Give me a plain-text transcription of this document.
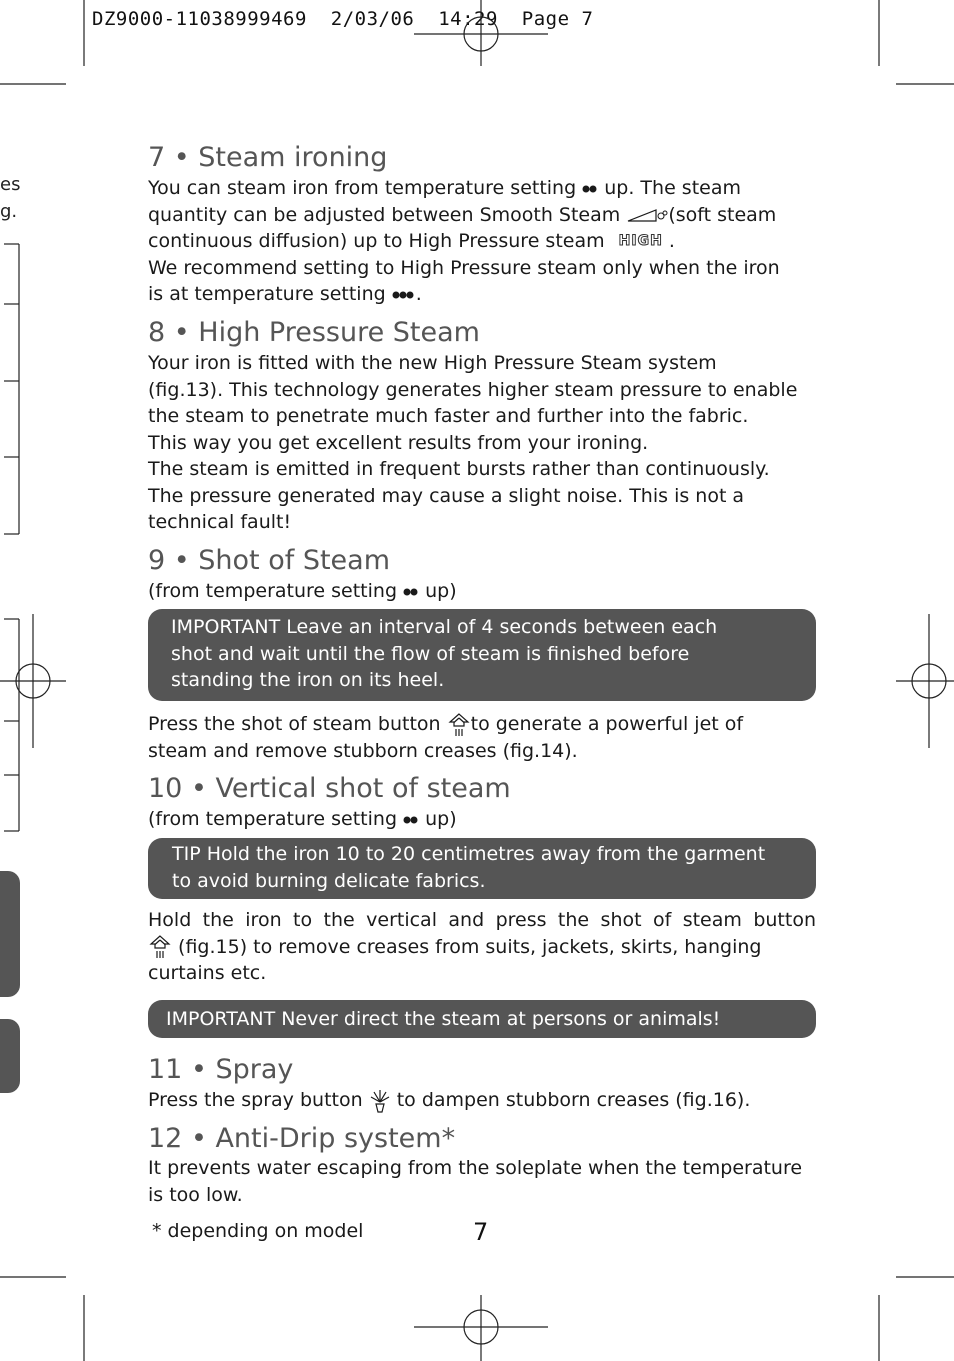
DZ9000-11038999469  2/03/06  14:29  Page 7
es
g.
7 • Steam ironing
You can steam iron from temperature setting  up. The steam
quantity can be adjusted between Smooth Steam (soft steam
continuous diffusion) up to High Pressure steam HIGH .
We recommend setting to High Pressure steam only when the iron
is at temperature setting .
8 • High Pressure Steam
Your iron is fitted with the new High Pressure Steam system
(fig.13). This technology generates higher steam pressure to enable
the steam to penetrate much faster and further into the fabric.
This way you get excellent results from your ironing.
The steam is emitted in frequent bursts rather than continuously.
The pressure generated may cause a slight noise. This is not a
technical fault!
9 • Shot of Steam
(from temperature setting  up)
IMPORTANT Leave an interval of 4 seconds between each
shot and wait until the flow of steam is finished before
standing the iron on its heel.
Press the shot of steam button to generate a powerful jet of
steam and remove stubborn creases (fig.14).
10 • Vertical shot of steam
(from temperature setting  up)
TIP Hold the iron 10 to 20 centimetres away from the garment
to avoid burning delicate fabrics.
Hold the iron to the vertical and press the shot of steam button
(fig.15) to remove creases from suits, jackets, skirts, hanging
curtains etc.
IMPORTANT Never direct the steam at persons or animals!
11 • Spray
Press the spray button  to dampen stubborn creases (fig.16).
12 • Anti-Drip system*
It prevents water escaping from the soleplate when the temperature
is too low.
* depending on model	7
